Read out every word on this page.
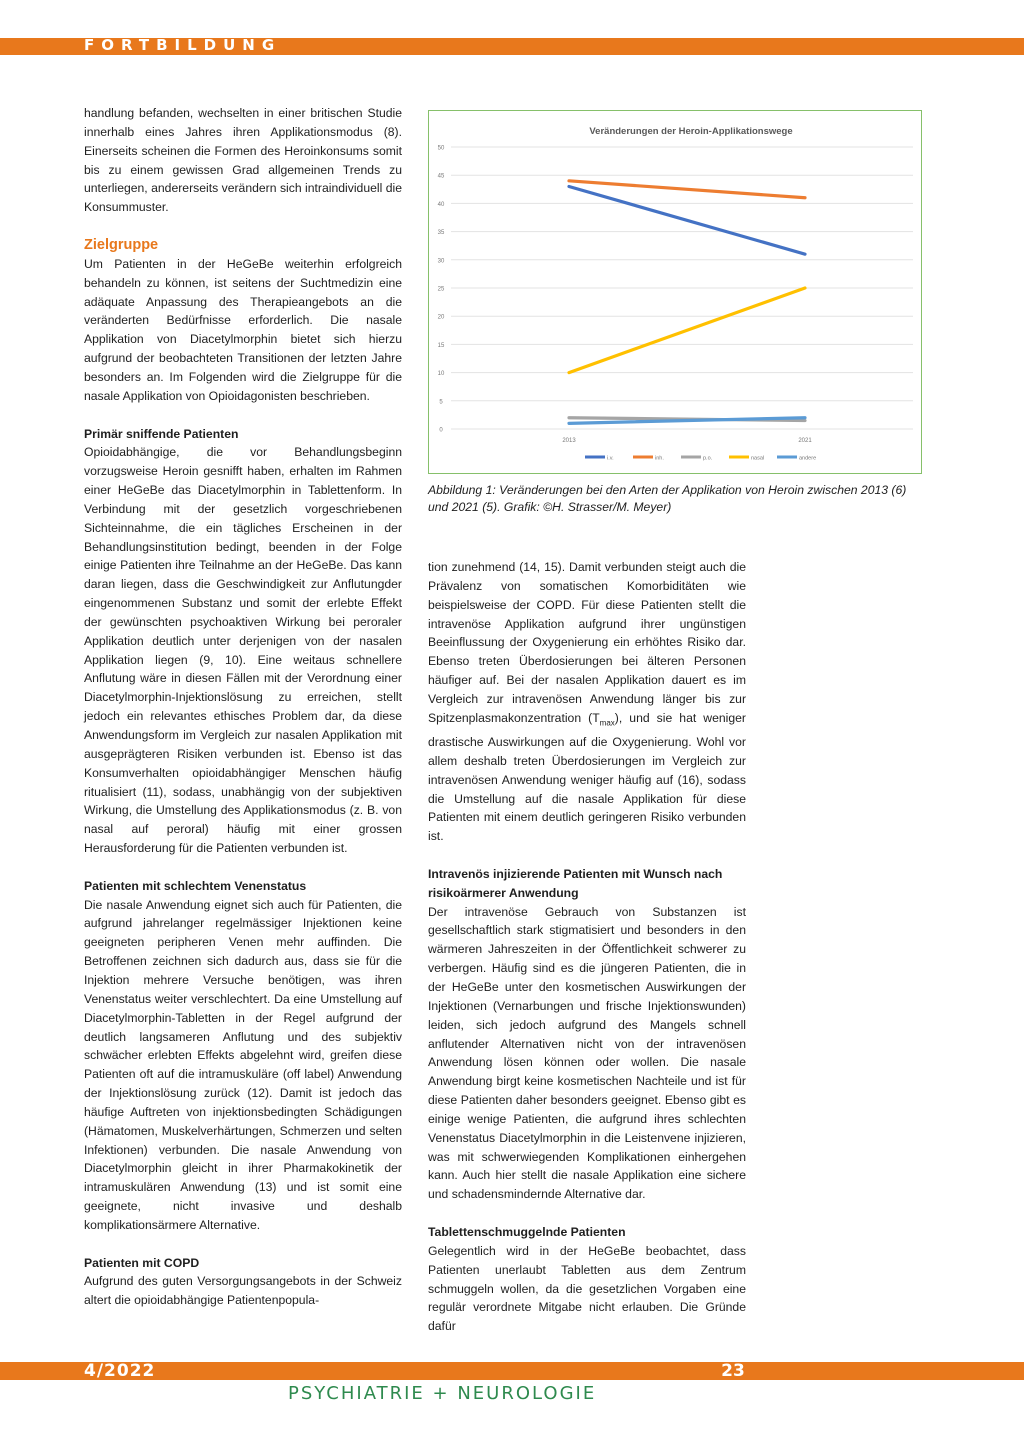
FORTBILDUNG

handlung befanden, wechselten in einer britischen Studie innerhalb eines Jahres ihren Applikationsmodus (8). Einerseits scheinen die Formen des Heroinkonsums somit bis zu einem gewissen Grad allgemeinen Trends zu unterliegen, andererseits verändern sich intraindividuell die Konsummuster.

Zielgruppe

Um Patienten in der HeGeBe weiterhin erfolgreich behandeln zu können, ist seitens der Suchtmedizin eine adäquate Anpassung des Therapieangebots an die veränderten Bedürfnisse erforderlich. Die nasale Applikation von Diacetylmorphin bietet sich hierzu aufgrund der beobachteten Transitionen der letzten Jahre besonders an. Im Folgenden wird die Zielgruppe für die nasale Applikation von Opioidagonisten beschrieben.

Primär sniffende Patienten

Opioidabhängige, die vor Behandlungsbeginn vorzugsweise Heroin gesnifft haben, erhalten im Rahmen einer HeGeBe das Diacetylmorphin in Tablettenform. In Verbindung mit der gesetzlich vorgeschriebenen Sichteinnahme, die ein tägliches Erscheinen in der Behandlungsinstitution bedingt, beenden in der Folge einige Patienten ihre Teilnahme an der HeGeBe. Das kann daran liegen, dass die Geschwindigkeit zur Anflutungder eingenommenen Substanz und somit der erlebte Effekt der gewünschten psychoaktiven Wirkung bei peroraler Applikation deutlich unter derjenigen von der nasalen Applikation liegen (9, 10). Eine weitaus schnellere Anflutung wäre in diesen Fällen mit der Verordnung einer Diacetylmorphin-Injektionslösung zu erreichen, stellt jedoch ein relevantes ethisches Problem dar, da diese Anwendungsform im Vergleich zur nasalen Applikation mit ausgeprägteren Risiken verbunden ist. Ebenso ist das Konsumverhalten opioidabhängiger Menschen häufig ritualisiert (11), sodass, unabhängig von der subjektiven Wirkung, die Umstellung des Applikationsmodus (z. B. von nasal auf peroral) häufig mit einer grossen Herausforderung für die Patienten verbunden ist.

Patienten mit schlechtem Venenstatus

Die nasale Anwendung eignet sich auch für Patienten, die aufgrund jahrelanger regelmässiger Injektionen keine geeigneten peripheren Venen mehr auffinden. Die Betroffenen zeichnen sich dadurch aus, dass sie für die Injektion mehrere Versuche benötigen, was ihren Venenstatus weiter verschlechtert. Da eine Umstellung auf Diacetylmorphin-Tabletten in der Regel aufgrund der deutlich langsameren Anflutung und des subjektiv schwächer erlebten Effekts abgelehnt wird, greifen diese Patienten oft auf die intramuskuläre (off label) Anwendung der Injektionslösung zurück (12). Damit ist jedoch das häufige Auftreten von injektionsbedingten Schädigungen (Hämatomen, Muskelverhärtungen, Schmerzen und selten Infektionen) verbunden. Die nasale Anwendung von Diacetylmorphin gleicht in ihrer Pharmakokinetik der intramuskulären Anwendung (13) und ist somit eine geeignete, nicht invasive und deshalb komplikationsärmere Alternative.

Patienten mit COPD

Aufgrund des guten Versorgungsangebots in der Schweiz altert die opioidabhängige Patientenpopula-

Veränderungen der Heroin-Applikationswege
0
5
10
15
20
25
30
35
40
45
50
2013	2021
i.v.	inh.	p.o.	nasal	andere
Abbildung 1: Veränderungen bei den Arten der Applikation von Heroin zwischen 2013 (6) und 2021 (5). Grafik: ©H. Strasser/M. Meyer)

tion zunehmend (14, 15). Damit verbunden steigt auch die Prävalenz von somatischen Komorbiditäten wie beispielsweise der COPD. Für diese Patienten stellt die intravenöse Applikation aufgrund ihrer ungünstigen Beeinflussung der Oxygenierung ein erhöhtes Risiko dar. Ebenso treten Überdosierungen bei älteren Personen häufiger auf. Bei der nasalen Applikation dauert es im Vergleich zur intravenösen Anwendung länger bis zur Spitzenplasmakonzentration $(T_{max})$, und sie hat weniger drastische Auswirkungen auf die Oxygenierung. Wohl vor allem deshalb treten Überdosierungen im Vergleich zur intravenösen Anwendung weniger häufig auf (16), sodass die Umstellung auf die nasale Applikation für diese Patienten mit einem deutlich geringeren Risiko verbunden ist.

Intravenös injizierende Patienten mit Wunsch nach risikoärmerer Anwendung

Der intravenöse Gebrauch von Substanzen ist gesellschaftlich stark stigmatisiert und besonders in den wärmeren Jahreszeiten in der Öffentlichkeit schwerer zu verbergen. Häufig sind es die jüngeren Patienten, die in der HeGeBe unter den kosmetischen Auswirkungen der Injektionen (Vernarbungen und frische Injektionswunden) leiden, sich jedoch aufgrund des Mangels schnell anflutender Alternativen nicht von der intravenösen Anwendung lösen können oder wollen. Die nasale Anwendung birgt keine kosmetischen Nachteile und ist für diese Patienten daher besonders geeignet. Ebenso gibt es einige wenige Patienten, die aufgrund ihres schlechten Venenstatus Diacetylmorphin in die Leistenvene injizieren, was mit schwerwiegenden Komplikationen einhergehen kann. Auch hier stellt die nasale Applikation eine sichere und schadensmindernde Alternative dar.

Tablettenschmuggelnde Patienten

Gelegentlich wird in der HeGeBe beobachtet, dass Patienten unerlaubt Tabletten aus dem Zentrum schmuggeln wollen, da die gesetzlichen Vorgaben eine regulär verordnete Mitgabe nicht erlauben. Die Gründe dafür

4/2022	23
PSYCHIATRIE + NEUROLOGIE
